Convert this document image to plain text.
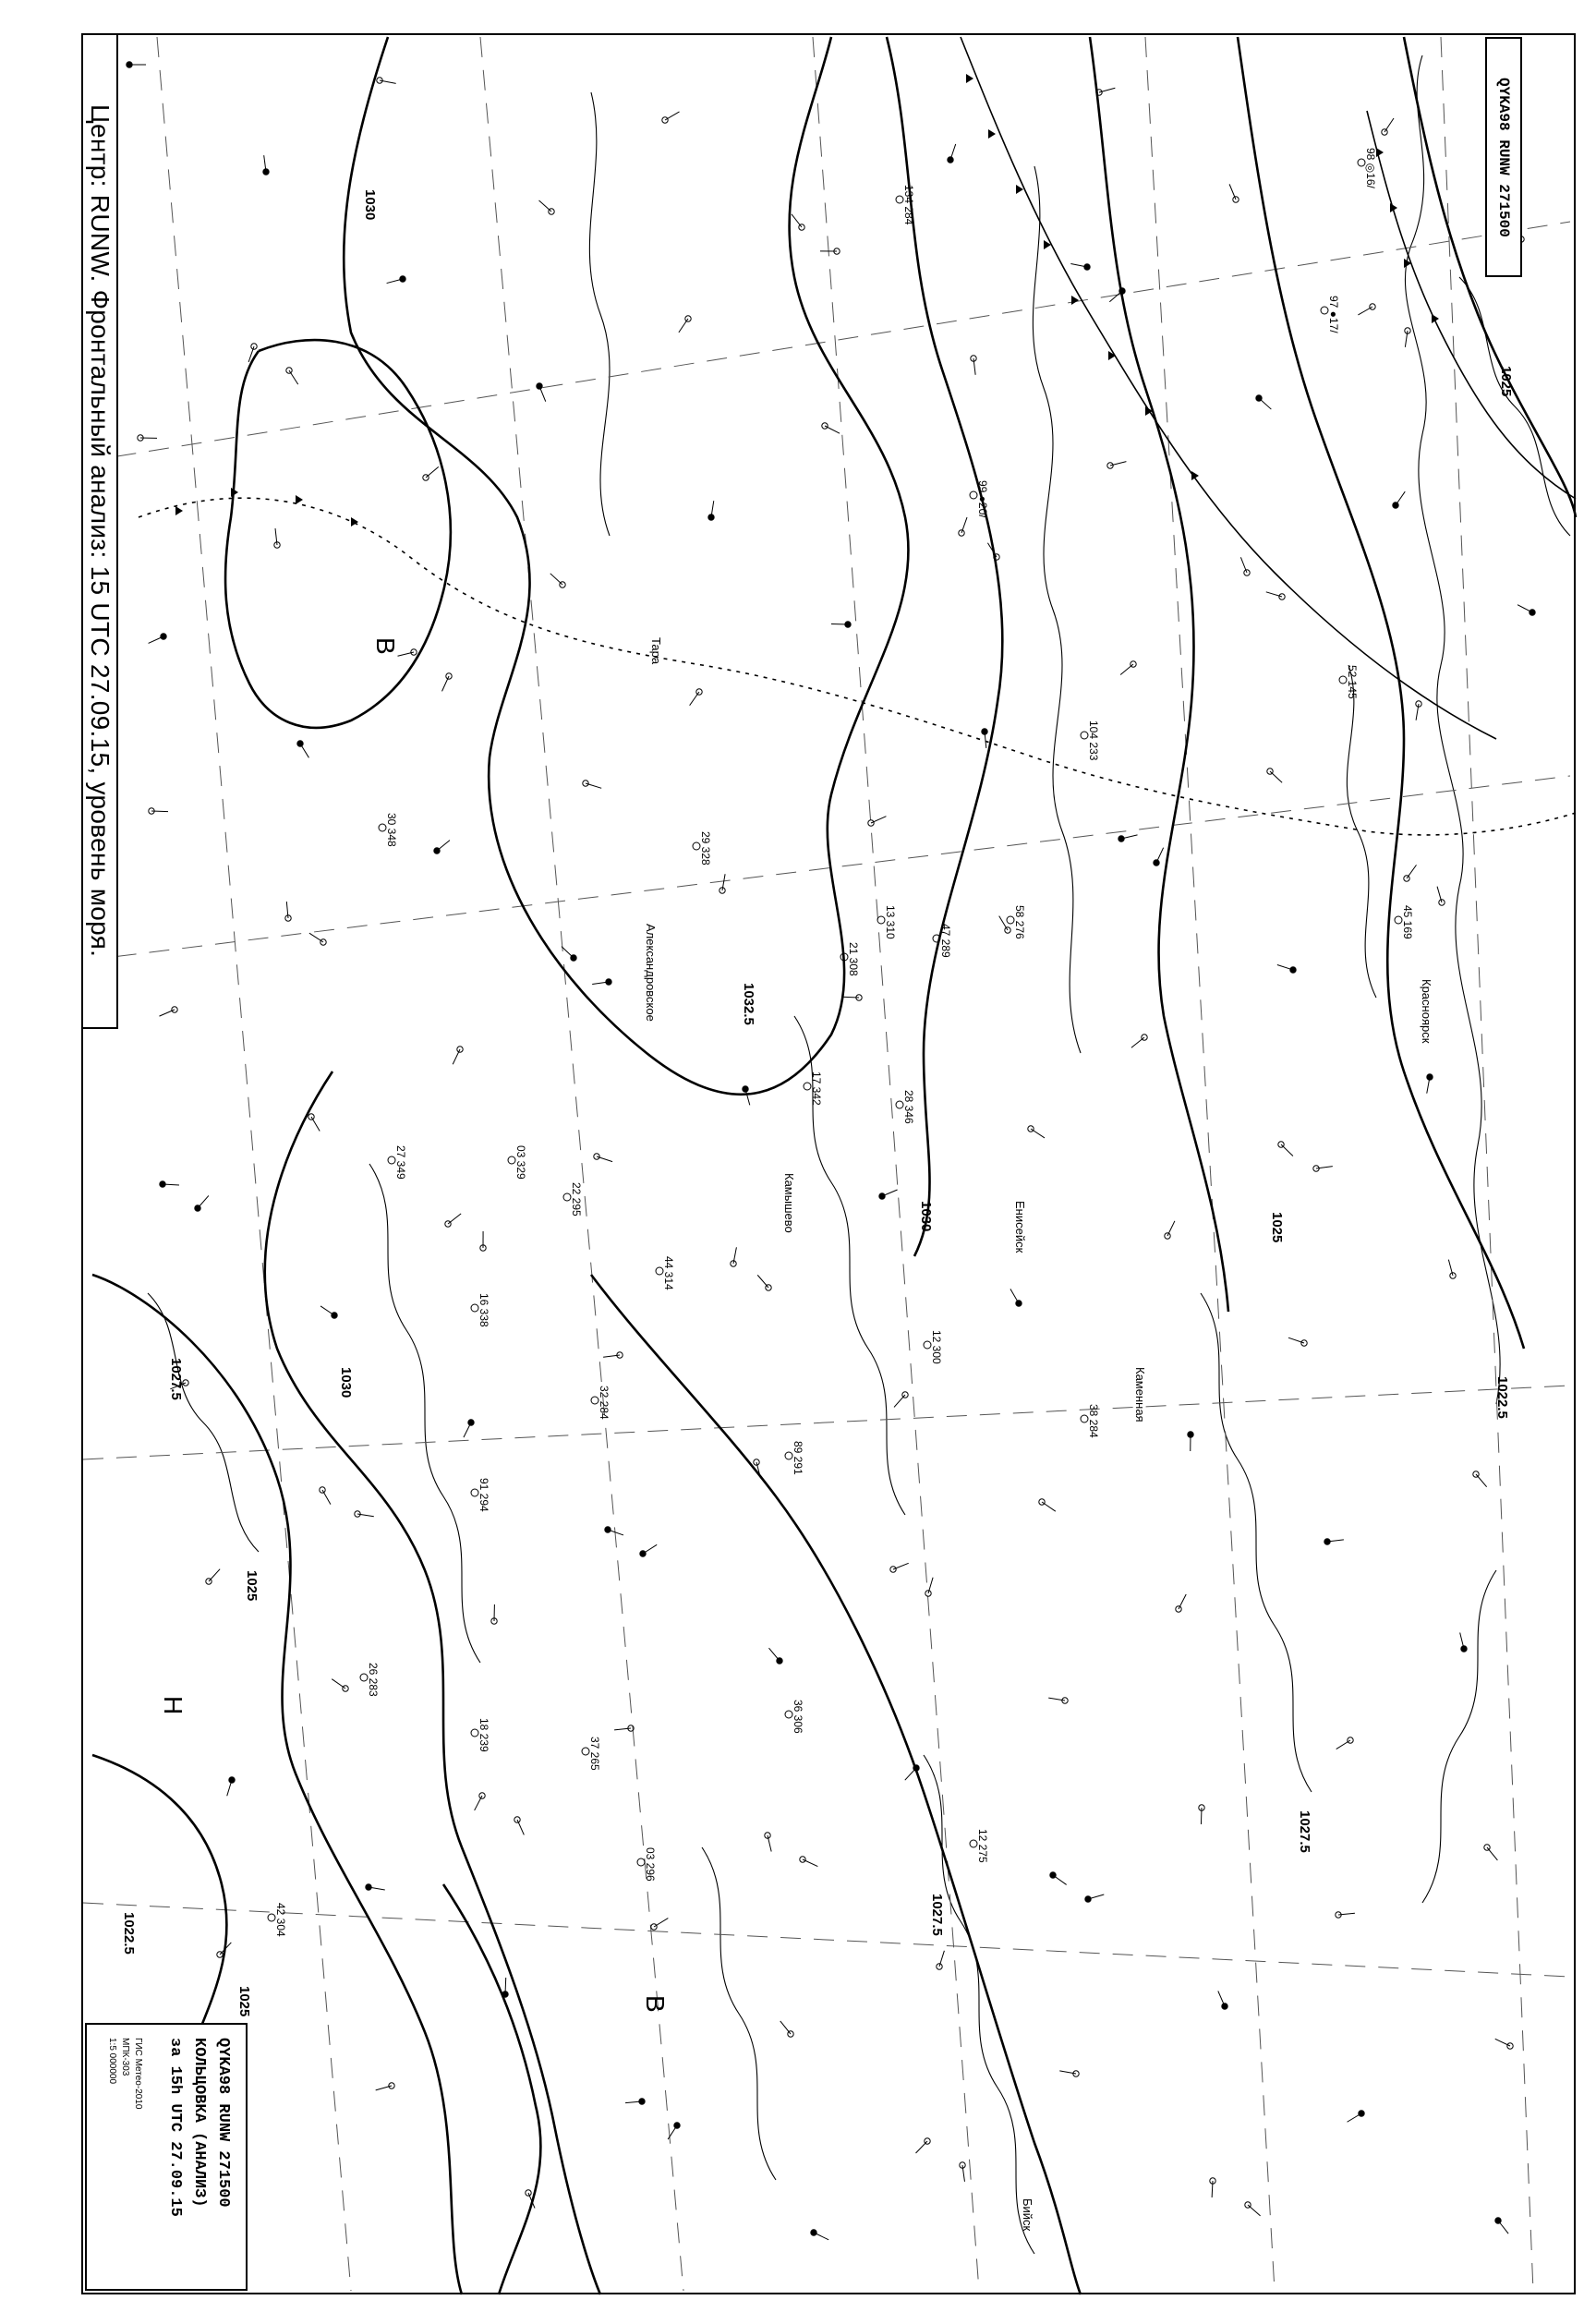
98 ◎16/
97 ●17/
134 284
99 ●20/
12 300
89 291
44 314
32 284
03 329
22 295
16 338
27 349
104 233
52 145
45 169
58 276
47 289
13 310
26 283
42 304
18 239
37 265
03 296
12 275
38 284
36 306
21 308
29 328
17 342
28 346
30 348
91 294
1030
1032.5
1030
1025
1027.5
1025
1022.5
1027.5
1025
1022.5
1030
1027.5
1025
Александровское
Камышево
Каменная
Бийск
Тара
Красноярск
Енисейск
В
В
Н
Центр: RUNW. Фронтальный анализ: 15 UTC 27.09.15, уровень моря.	QYKA98 RUNW 271500
QYKA98 RUNW 271500
КОЛЬЦОВКА (АНАЛИЗ)
за 15h UTC 27.09.15
ГИС Метео-2010
МПК-303
1:5 000000
